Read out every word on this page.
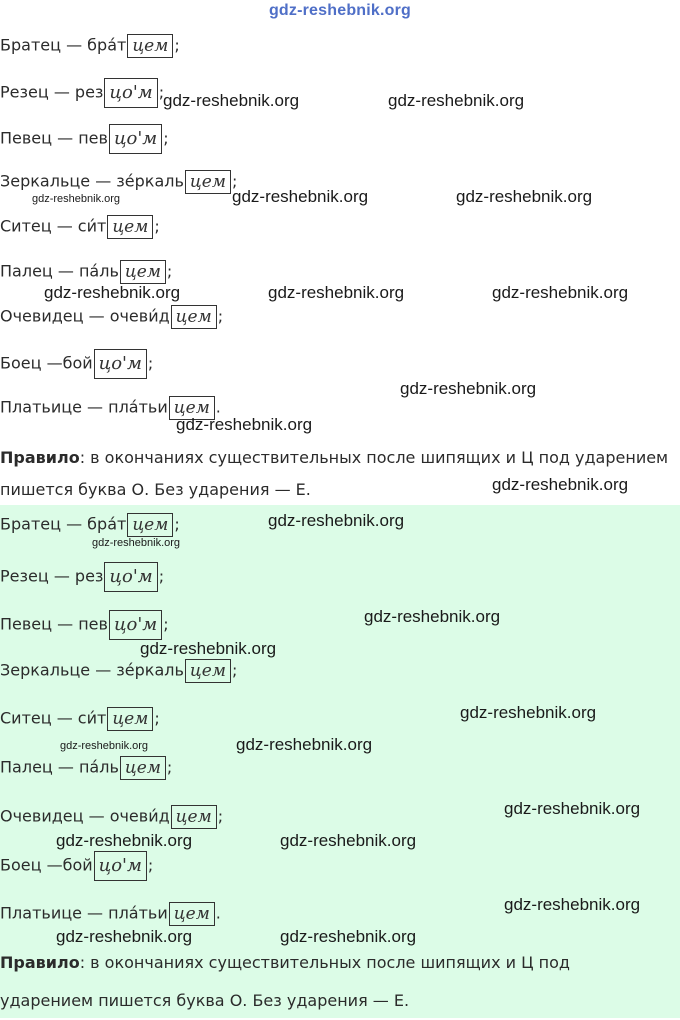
gdz-reshebnik.org
Братец — бра́т цем ;
Резец — рез цо'м ;
Певец — пев цо'м ;
Зеркальце — зе́ркаль цем ;
Ситец — си́т цем ;
Палец — па́ль цем ;
Очевидец — очеви́д цем ;
Боец —бой цо'м ;
Платьице — пла́тьи цем .
Правило: в окончаниях существительных после шипящих и Ц под ударением пишется буква О. Без ударения — Е.
Братец — бра́т цем ;
Резец — рез цо'м ;
Певец — пев цо'м ;
Зеркальце — зе́ркаль цем ;
Ситец — си́т цем ;
Палец — па́ль цем ;
Очевидец — очеви́д цем ;
Боец —бой цо'м ;
Платьице — пла́тьи цем .
Правило: в окончаниях существительных после шипящих и Ц под ударением пишется буква О. Без ударения — Е.
gdz-reshebnik.org	gdz-reshebnik.org
gdz-reshebnik.org	gdz-reshebnik.org	gdz-reshebnik.org
gdz-reshebnik.org	gdz-reshebnik.org	gdz-reshebnik.org
gdz-reshebnik.org
gdz-reshebnik.org
gdz-reshebnik.org
gdz-reshebnik.org
gdz-reshebnik.org
gdz-reshebnik.org
gdz-reshebnik.org
gdz-reshebnik.org
gdz-reshebnik.org	gdz-reshebnik.org
gdz-reshebnik.org
gdz-reshebnik.org	gdz-reshebnik.org
gdz-reshebnik.org
gdz-reshebnik.org	gdz-reshebnik.org
